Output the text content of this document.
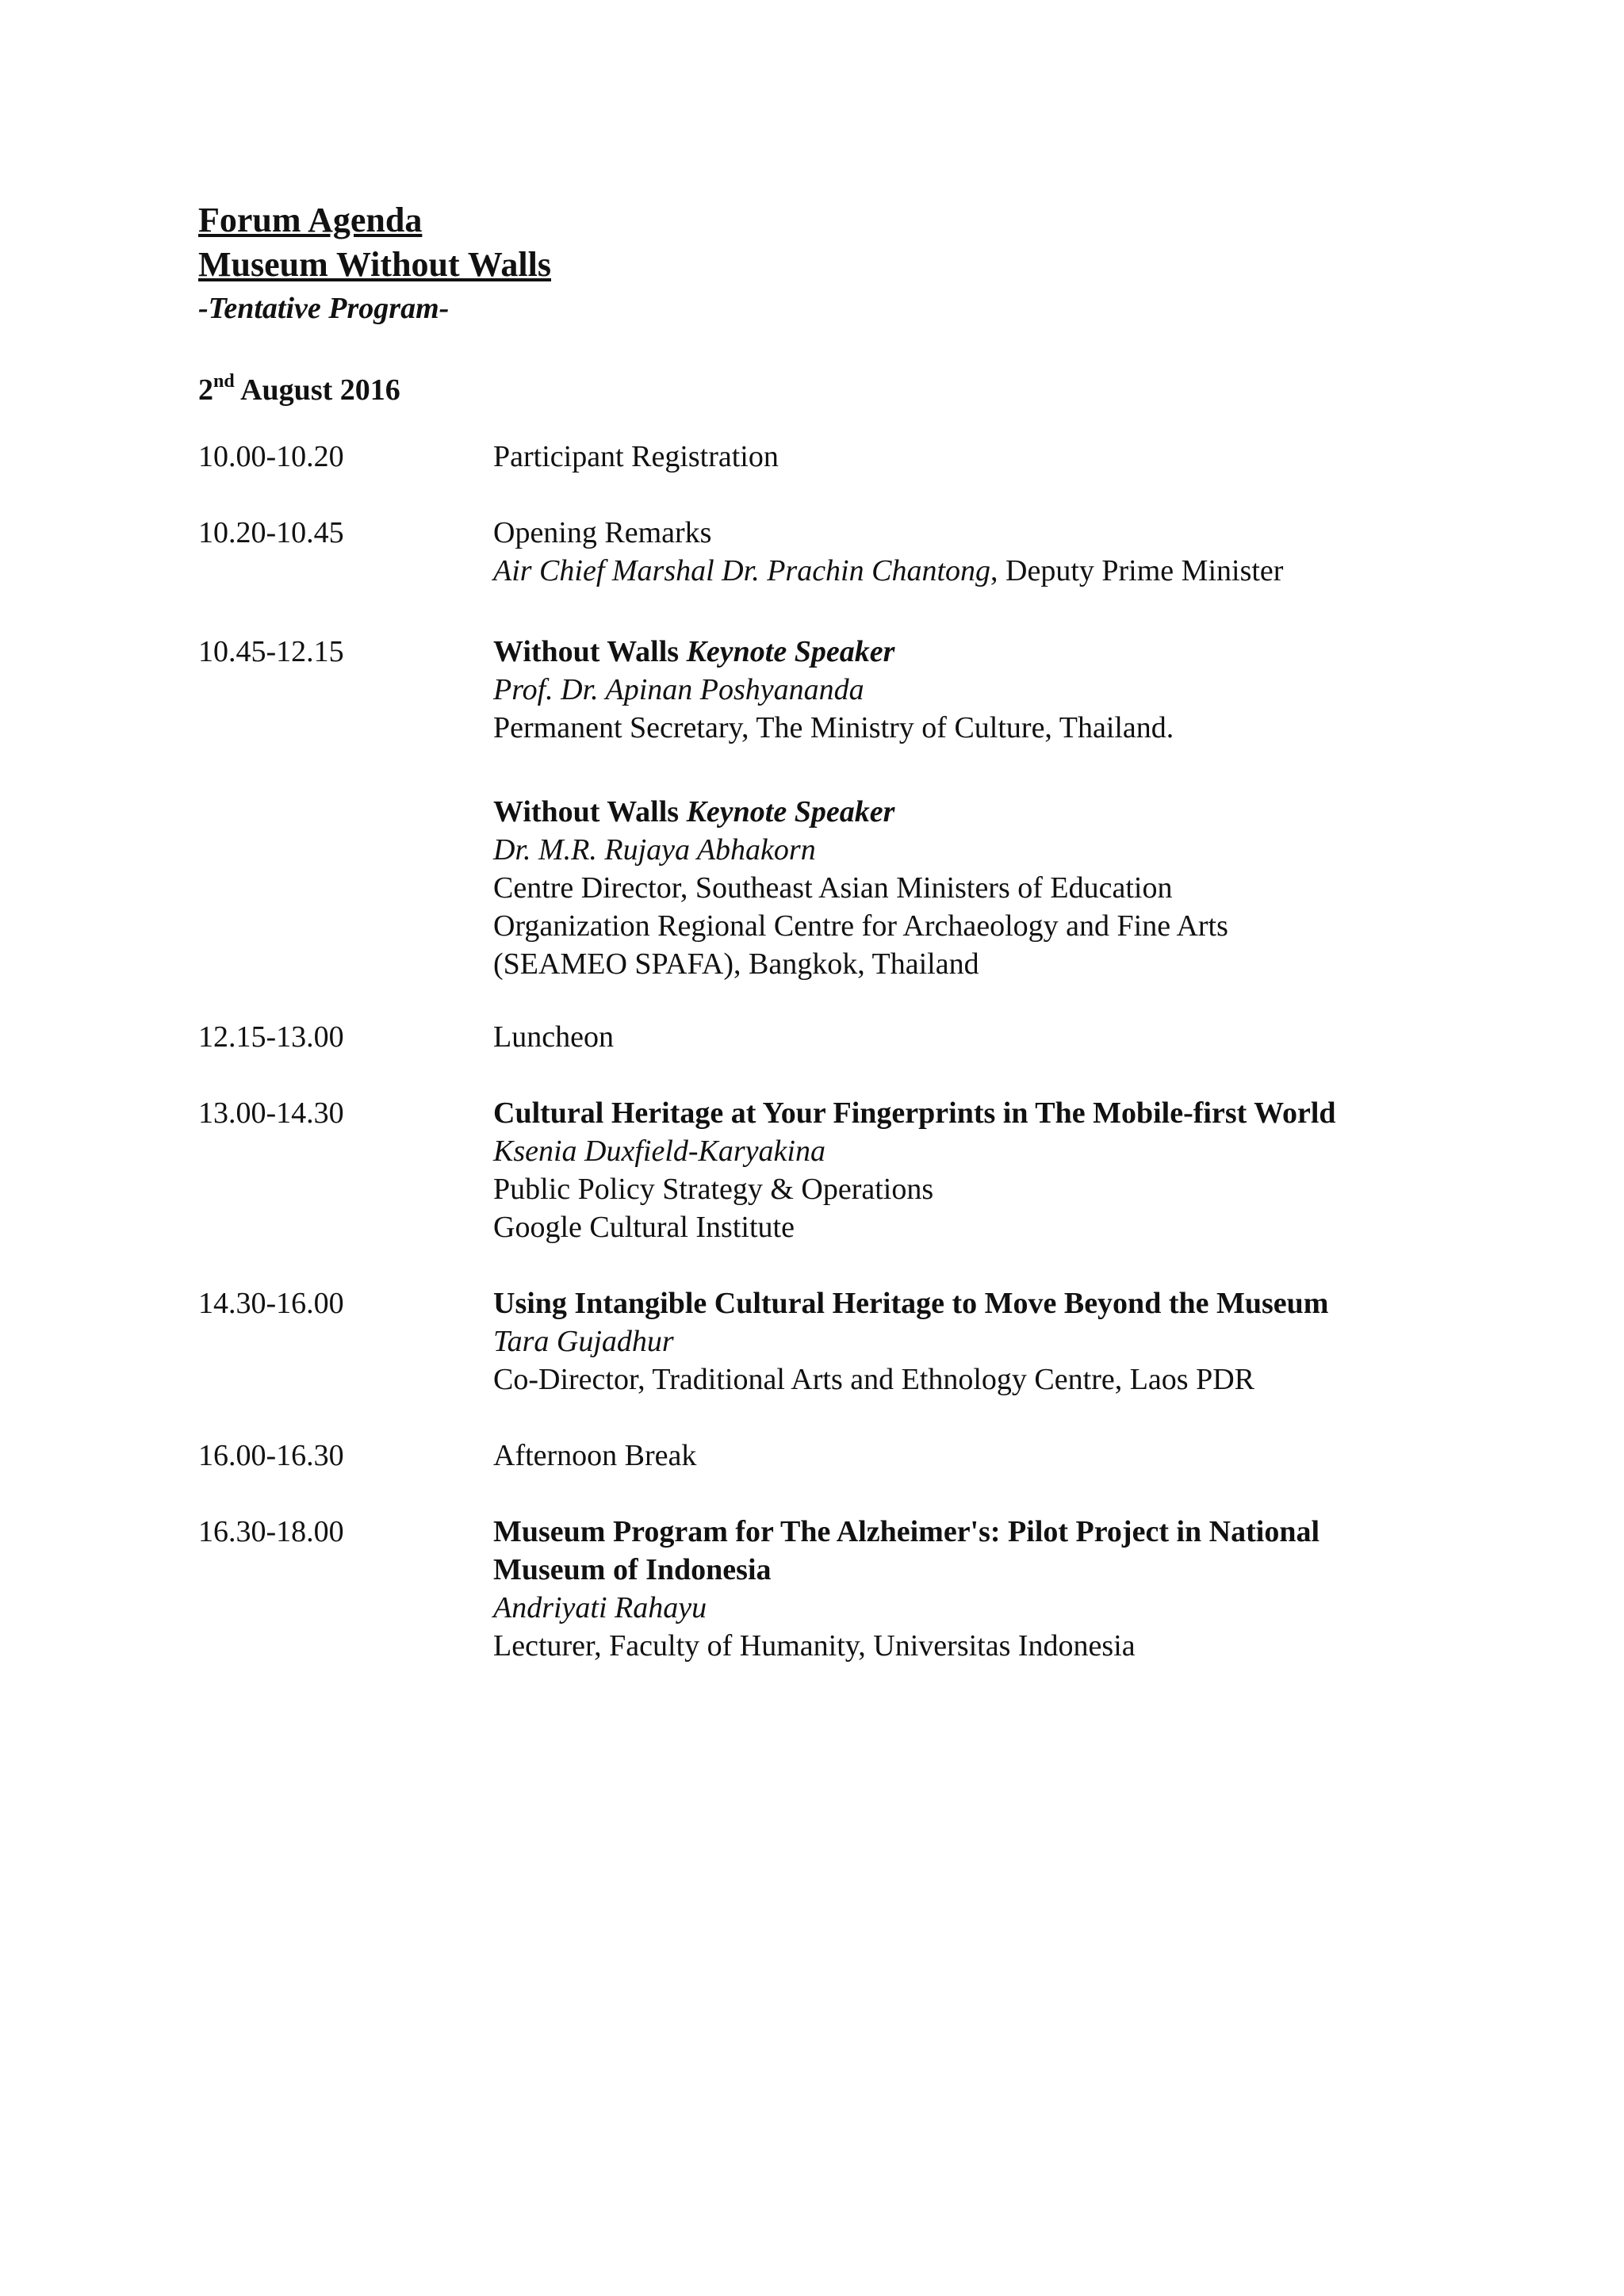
Forum Agenda
Museum Without Walls
-Tentative Program-
2nd August 2016
10.00-10.20	Participant Registration
10.20-10.45	Opening Remarks
Air Chief Marshal Dr. Prachin Chantong, Deputy Prime Minister
10.45-12.15	Without Walls Keynote Speaker
Prof. Dr. Apinan Poshyananda
Permanent Secretary, The Ministry of Culture, Thailand.
Without Walls Keynote Speaker
Dr. M.R. Rujaya Abhakorn
Centre Director, Southeast Asian Ministers of Education
Organization Regional Centre for Archaeology and Fine Arts
(SEAMEO SPAFA), Bangkok, Thailand
12.15-13.00	Luncheon
13.00-14.30	Cultural Heritage at Your Fingerprints in The Mobile-first World
Ksenia Duxfield-Karyakina
Public Policy Strategy & Operations
Google Cultural Institute
14.30-16.00	Using Intangible Cultural Heritage to Move Beyond the Museum
Tara Gujadhur
Co-Director, Traditional Arts and Ethnology Centre, Laos PDR
16.00-16.30	Afternoon Break
16.30-18.00	Museum Program for The Alzheimer's: Pilot Project in National
Museum of Indonesia
Andriyati Rahayu
Lecturer, Faculty of Humanity, Universitas Indonesia
